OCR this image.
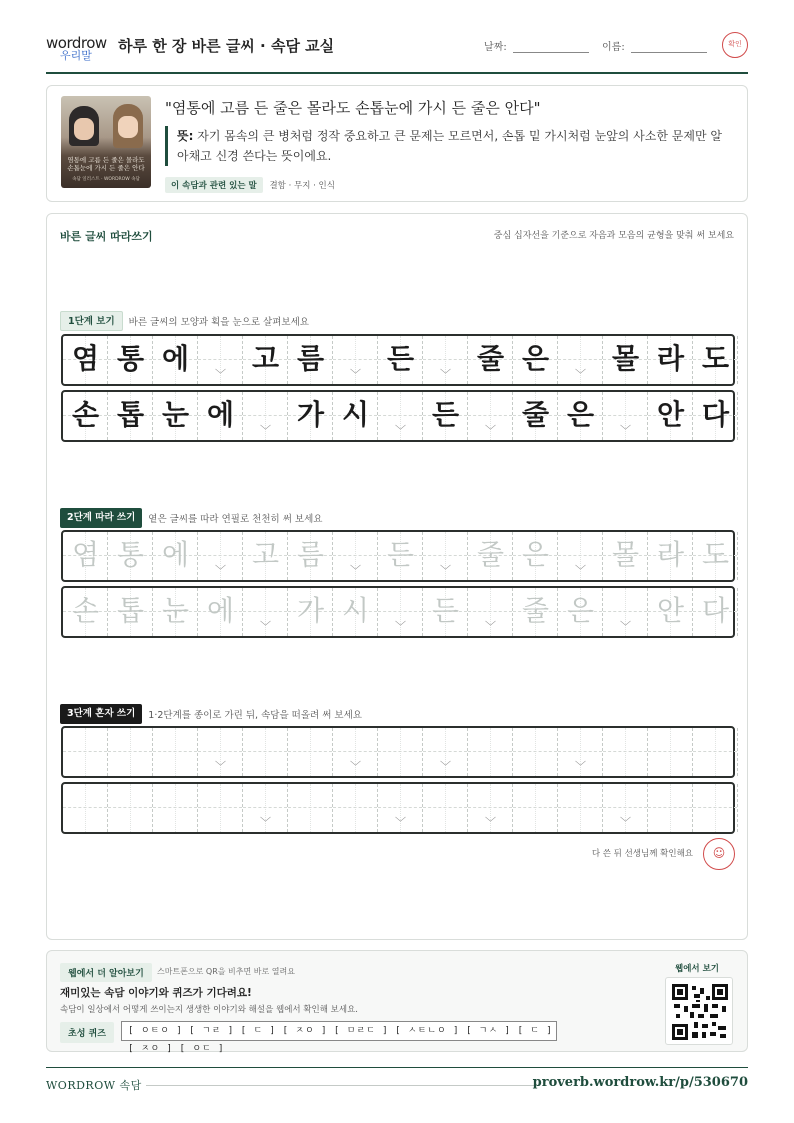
wordrow
우리말
하루 한 장 바른 글씨 · 속담 교실	날짜:	이름:	확인
염통에 고름 든 줄은 몰라도 손톱눈에 가시 든 줄은 안다
속담 일러스트 · WORDROW 속담
"염통에 고름 든 줄은 몰라도 손톱눈에 가시 든 줄은 안다"
뜻: 자기 몸속의 큰 병처럼 정작 중요하고 큰 문제는 모르면서, 손톱 밑 가시처럼 눈앞의 사소한 문제만 알아채고 신경 쓴다는 뜻이에요.
이 속담과 관련 있는 말 결함 · 무지 · 인식
바른 글씨 따라쓰기	중심 십자선을 기준으로 자음과 모음의 균형을 맞춰 써 보세요
1단계 보기 바른 글씨의 모양과 획을 눈으로 살펴보세요
염 통 에	﹀ 고 름	﹀ 든	﹀ 줄 은	﹀ 몰 라 도
손 톱 눈 에	﹀ 가 시	﹀ 든	﹀ 줄 은	﹀ 안 다
2단계 따라 쓰기 옅은 글씨를 따라 연필로 천천히 써 보세요
염 통 에	﹀ 고 름	﹀ 든	﹀ 줄 은	﹀ 몰 라 도
손 톱 눈 에	﹀ 가 시	﹀ 든	﹀ 줄 은	﹀ 안 다
3단계 혼자 쓰기 1·2단계를 종이로 가린 뒤, 속담을 떠올려 써 보세요
﹀	﹀	﹀	﹀
﹀	﹀	﹀	﹀
다 쓴 뒤 선생님께 확인해요	☺
웹에서 더 알아보기	스마트폰으로 QR을 비추면 바로 열려요
재미있는 속담 이야기와 퀴즈가 기다려요!
속담이 일상에서 어떻게 쓰이는지 생생한 이야기와 해설을 웹에서 확인해 보세요.
초성 퀴즈	[ ㅇㅌㅇ ] [ ㄱㄹ ] [ ㄷ ] [ ㅈㅇ ] [ ㅁㄹㄷ ] [ ㅅㅌㄴㅇ ] [ ㄱㅅ ] [ ㄷ ] [ ㅈㅇ ] [ ㅇㄷ ]
웹에서 보기
WORDROW 속담	proverb.wordrow.kr/p/530670
